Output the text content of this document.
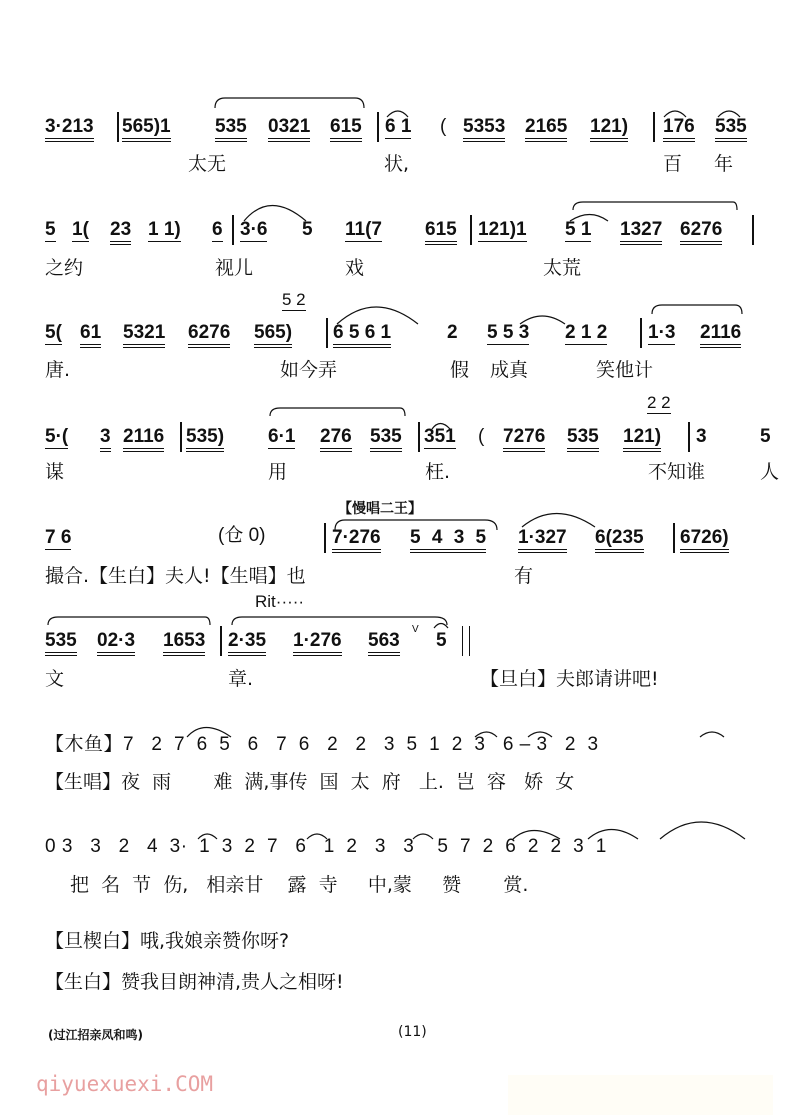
3·213 565)1 535 0321 615 6 1 ( 5353 2165 121) 176 535
太无	状,	百 年
5 1( 23 1 1) 6 3·6 5 11(7 615 121)1 5 1 1327 6276
之约	视儿	戏	太荒
5 2
5( 61 5321 6276 565) 6 5 6 1	2 5 5 3 2 1 2 1·3 2116
唐.	如今弄	假 成真	笑他计
2 2
5·( 3 2116 535) 6·1 276 535 351 ( 7276 535 121) 3	5
谋	用	枉.	不知谁	人
【慢唱二王】
7 6	(仓 0)	7·276 5 4 3 5 1·327 6(235 6726)
撮合.【生白】夫人!【生唱】也	有
Rit·····
535 02·3 1653 2·35 1·276 563
V
5
文	章.	【旦白】夫郎请讲吧!
【木鱼】7   2  7  6  5   6   7  6   2   2   3  5  1  2  3   6 – 3   2  3
【生唱】夜  雨       难  满,事传  国  太  府   上.  岂  容   娇  女
0 3   3   2   4  3·  1  3  2  7   6   1  2   3   3    5  7  2  6  2  2  3  1
把  名  节  伤,   相亲甘    露  寺     中,蒙     赞       赏.
【旦楔白】哦,我娘亲赞你呀?
【生白】赞我目朗神清,贵人之相呀!
(过江招亲凤和鸣)	(11)
qiyuexuexi.COM
